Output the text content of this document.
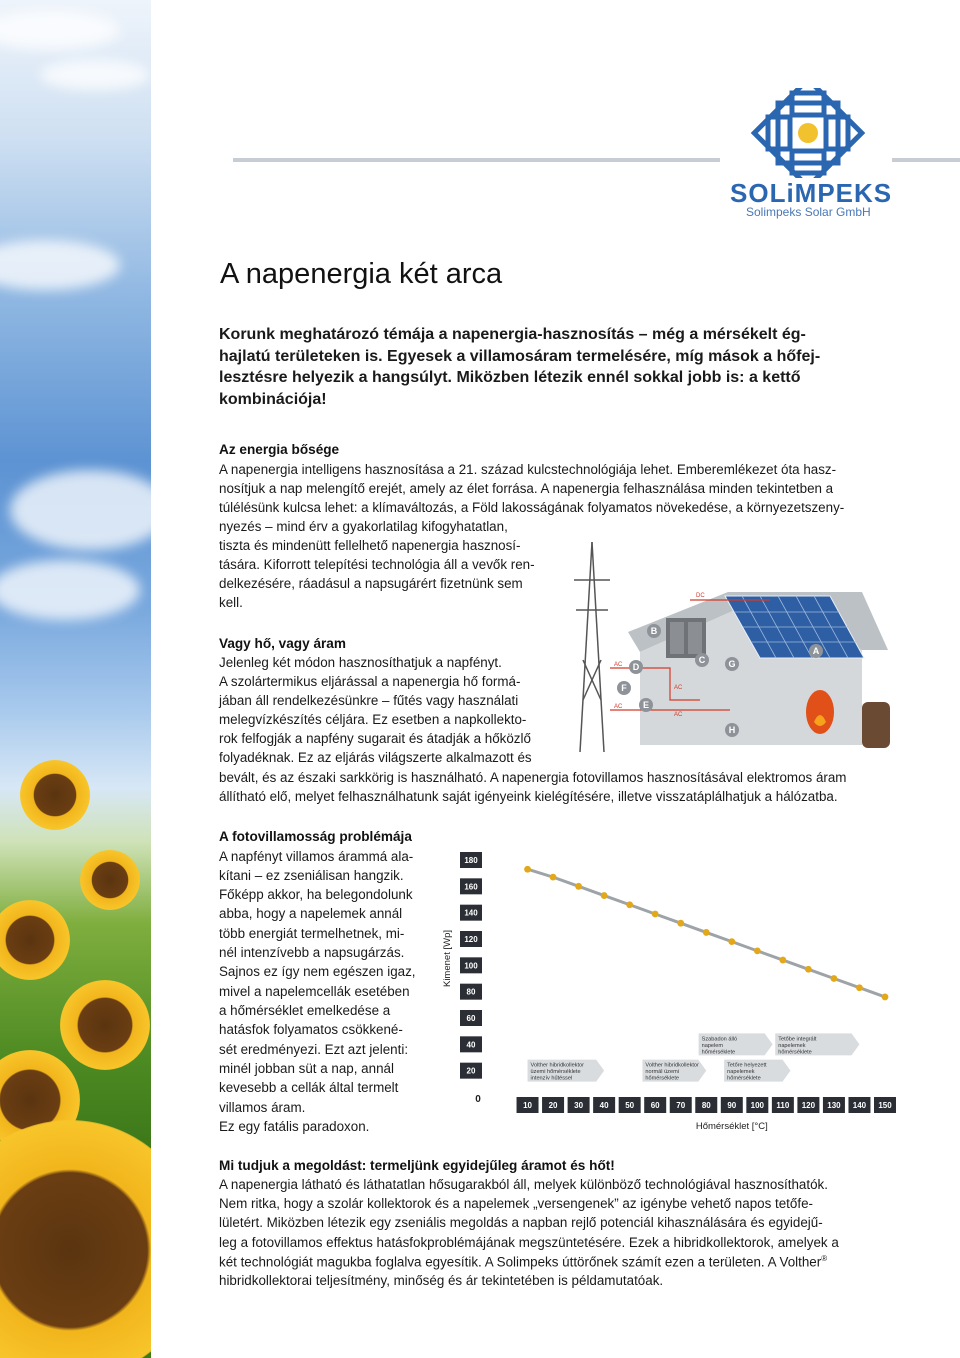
SOLiMPEKS
Solimpeks Solar GmbH
A napenergia két arca
Korunk meghatározó témája a napenergia-hasznosítás – még a mérsékelt ég-
hajlatú területeken is. Egyesek a villamosáram termelésére, míg mások a hőfej-
lesztésre helyezik a hangsúlyt. Miközben létezik ennél sokkal jobb is: a kettő
kombinációja!
Az energia bősége
A napenergia intelligens hasznosítása a 21. század kulcstechnológiája lehet. Emberemlékezet óta hasz-
nosítjuk a nap melengítő erejét, amely az élet forrása. A napenergia felhasználása minden tekintetben a
túlélésünk kulcsa lehet: a klímaváltozás, a Föld lakosságának folyamatos növekedése, a környezetszeny-
nyezés – mind érv a gyakorlatilag kifogyhatatlan,
tiszta és mindenütt fellelhető napenergia hasznosí-
tására. Kiforrott telepítési technológia áll a vevők ren-
delkezésére, ráadásul a napsugárért fizetnünk sem
kell.
Vagy hő, vagy áram
Jelenleg két módon hasznosíthatjuk a napfényt.
A szolártermikus eljárással a napenergia hő formá-
jában áll rendelkezésünkre – fűtés vagy használati
melegvízkészítés céljára. Ez esetben a napkollekto-
rok felfogják a napfény sugarait és átadják a hőközlő
folyadéknak. Ez az eljárás világszerte alkalmazott és
bevált, és az északi sarkkörig is használható. A napenergia fotovillamos hasznosításával elektromos áram
állítható elő, melyet felhasználhatunk saját igényeink kielégítésére, illetve visszatáplálhatjuk a hálózatba.
B
A
C
D
E
F
G
H
DC
AC
AC
AC
AC
A fotovillamosság problémája
A napfényt villamos árammá ala-
kítani – ez zseniálisan hangzik.
Főképp akkor, ha belegondolunk
abba, hogy a napelemek annál
több energiát termelhetnek, mi-
nél intenzívebb a napsugárzás.
Sajnos ez így nem egészen igaz,
mivel a napelemcellák esetében
a hőmérséklet emelkedése a
hatásfok folyamatos csökkené-
sét eredményezi. Ezt azt jelenti:
minél jobban süt a nap, annál
kevesebb a cellák által termelt
villamos áram.
Ez egy fatális paradoxon.
Kimenet [Wp]
0
20
40
60
80
100
120
140
160
180
10 20 30 40 50 60 70 80 90 100 110 120 130 140 150
Hőmérséklet [°C]
Volther hibridkollektor
üzemi hőmérséklete
intenzív hűtéssel
Volther hibridkollektor
normál üzemi
hőmérséklete
Szabadon álló
napelem
hőmérséklete
Tetőre helyezett
napelemek
hőmérséklete
Tetőbe integrált
napelemek
hőmérséklete
Mi tudjuk a megoldást: termeljünk egyidejűleg áramot és hőt!
A napenergia látható és láthatatlan hősugarakból áll, melyek különböző technológiával hasznosíthatók.
Nem ritka, hogy a szolár kollektorok és a napelemek „versengenek” az igénybe vehető napos tetőfe-
lületért. Miközben létezik egy zseniális megoldás a napban rejlő potenciál kihasználására és egyidejű-
leg a fotovillamos effektus hatásfokproblémájának megszüntetésére. Ezek a hibridkollektorok, amelyek a
két technológiát magukba foglalva egyesítik. A Solimpeks úttörőnek számít ezen a területen. A Volther®
hibridkollektorai teljesítmény, minőség és ár tekintetében is példamutatóak.
